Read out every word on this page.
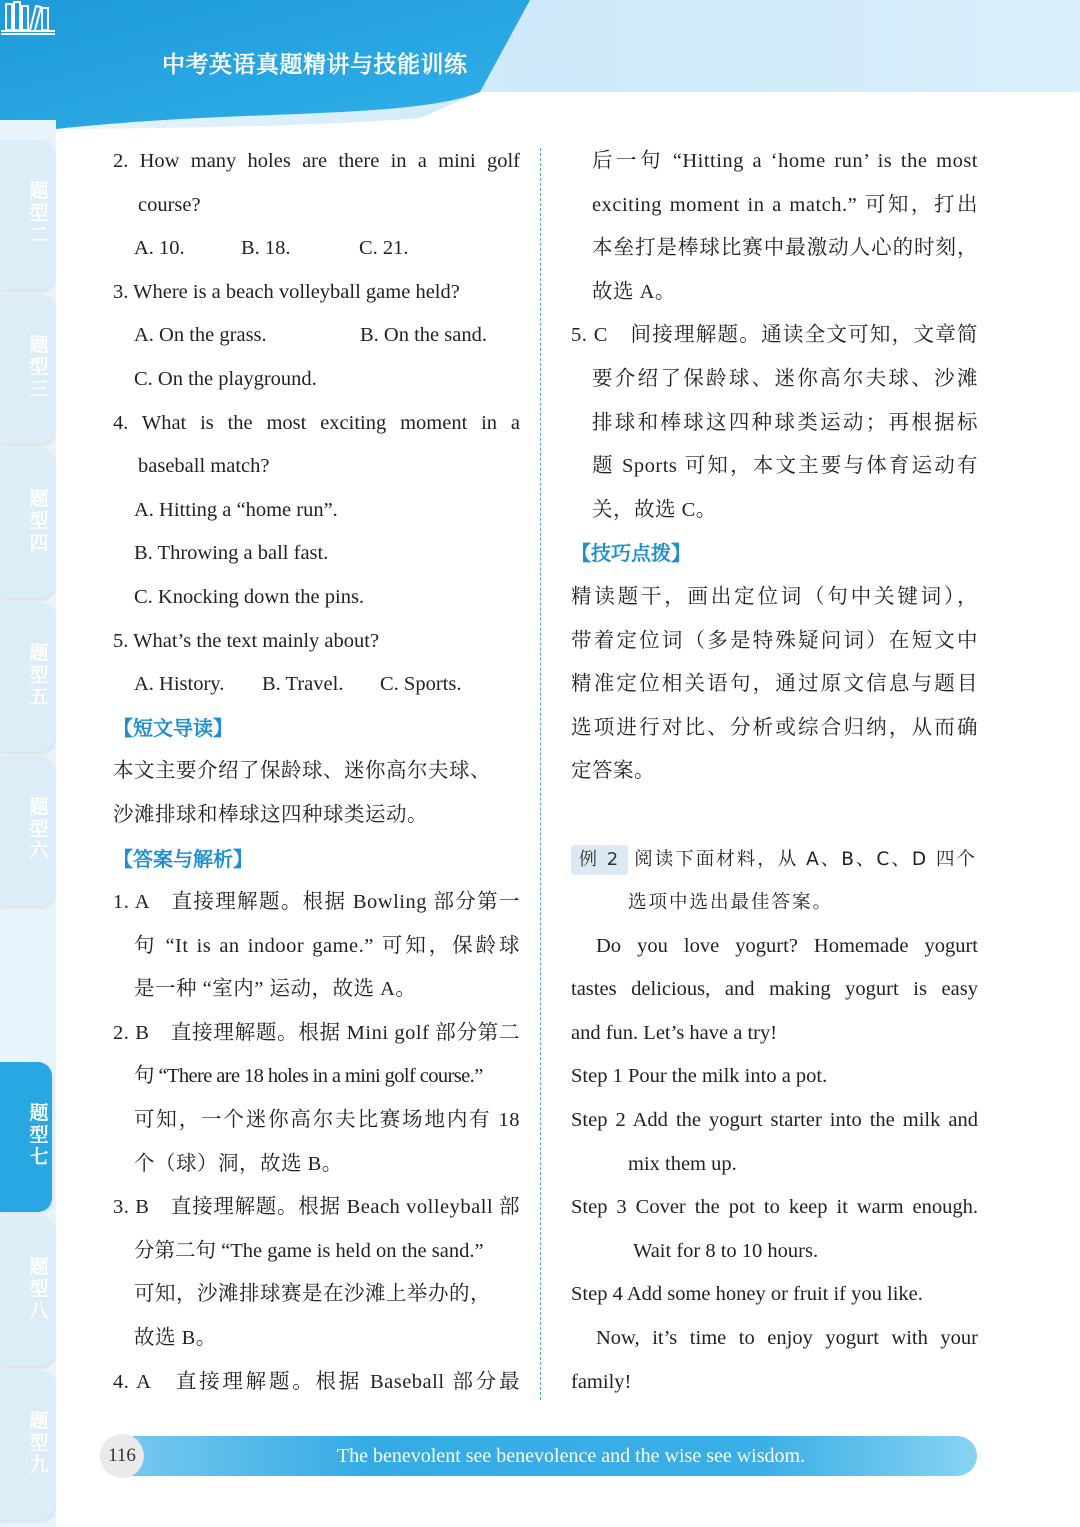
中考英语真题精讲与技能训练
题型二
题型三
题型四
题型五
题型六
题型七
题型八
题型九
2. How many holes are there in a mini golf
course?
A. 10.	B. 18.	C. 21.
3. Where is a beach volleyball game held?
A. On the grass.	B. On the sand.
C. On the playground.
4. What is the most exciting moment in a
baseball match?
A. Hitting a “home run”.
B. Throwing a ball fast.
C. Knocking down the pins.
5. What’s the text mainly about?
A. History.	B. Travel.	C. Sports.
【短文导读】
本文主要介绍了保龄球、迷你高尔夫球、
沙滩排球和棒球这四种球类运动。
【答案与解析】
1. A　直接理解题。根据 Bowling 部分第一
句 “It is an indoor game.” 可知，保龄球
是一种 “室内” 运动，故选 A。
2. B　直接理解题。根据 Mini golf 部分第二
句 “There are 18 holes in a mini golf course.”
可知，一个迷你高尔夫比赛场地内有 18
个（球）洞，故选 B。
3. B　直接理解题。根据 Beach volleyball 部
分第二句 “The game is held on the sand.”
可知，沙滩排球赛是在沙滩上举办的，
故选 B。
4. A　直接理解题。根据 Baseball 部分最
后一句 “Hitting a ‘home run’ is the most
exciting moment in a match.” 可知，打出
本垒打是棒球比赛中最激动人心的时刻，
故选 A。
5. C　间接理解题。通读全文可知，文章简
要介绍了保龄球、迷你高尔夫球、沙滩
排球和棒球这四种球类运动；再根据标
题 Sports 可知，本文主要与体育运动有
关，故选 C。
【技巧点拨】
精读题干，画出定位词（句中关键词），
带着定位词（多是特殊疑问词）在短文中
精准定位相关语句，通过原文信息与题目
选项进行对比、分析或综合归纳，从而确
定答案。

例 2 阅读下面材料，从 A、B、C、D 四个
选项中选出最佳答案。
Do you love yogurt? Homemade yogurt
tastes delicious, and making yogurt is easy
and fun. Let’s have a try!
Step 1 Pour the milk into a pot.
Step 2 Add the yogurt starter into the milk and
mix them up.
Step 3 Cover the pot to keep it warm enough.
Wait for 8 to 10 hours.
Step 4 Add some honey or fruit if you like.
Now, it’s time to enjoy yogurt with your
family!
The benevolent see benevolence and the wise see wisdom.
116
